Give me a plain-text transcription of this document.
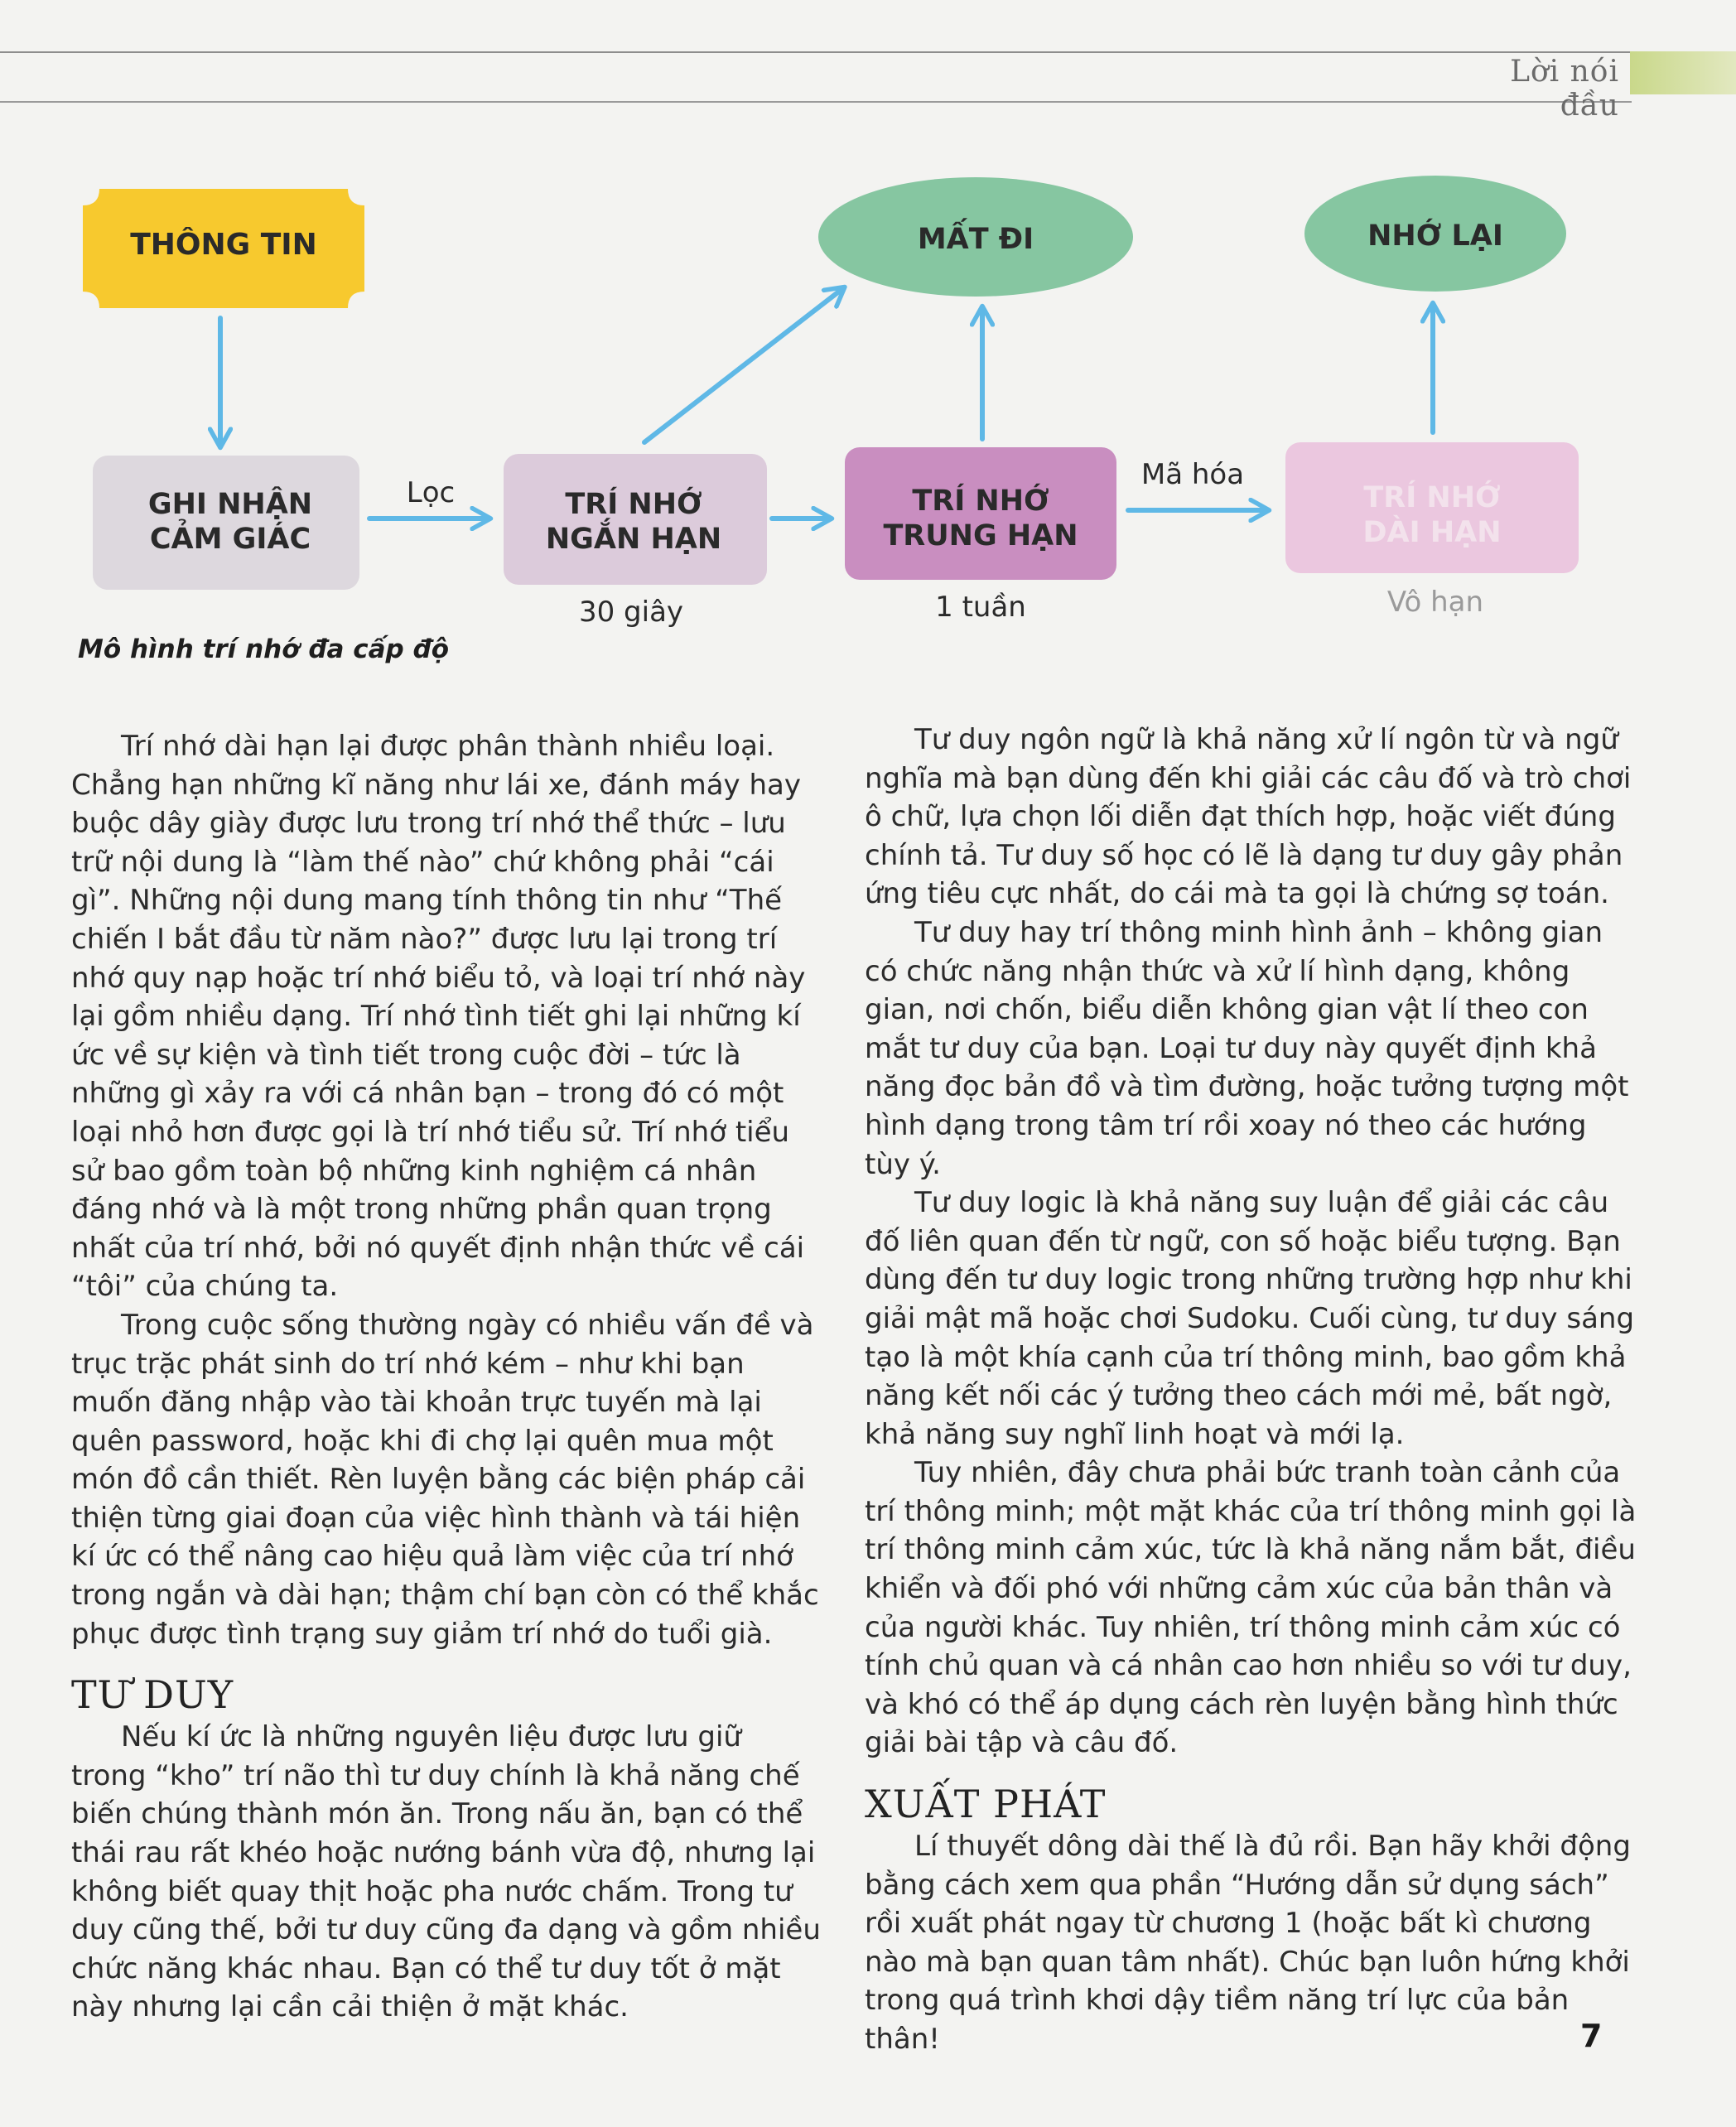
Lời nói đầu
THÔNG TIN
GHI NHẬN
CẢM GIÁC
TRÍ NHỚ
NGẮN HẠN
TRÍ NHỚ
TRUNG HẠN
TRÍ NHỚ
DÀI HẠN
MẤT ĐI	NHỚ LẠI
Lọc
Mã hóa
30 giây	1 tuần	Vô hạn
Mô hình trí nhớ đa cấp độ

Trí nhớ dài hạn lại được phân thành nhiều loại. Chẳng hạn những kĩ năng như lái xe, đánh máy hay buộc dây giày được lưu trong trí nhớ thể thức – lưu trữ nội dung là “làm thế nào” chứ không phải “cái gì”. Những nội dung mang tính thông tin như “Thế chiến I bắt đầu từ năm nào?” được lưu lại trong trí nhớ quy nạp hoặc trí nhớ biểu tỏ, và loại trí nhớ này lại gồm nhiều dạng. Trí nhớ tình tiết ghi lại những kí ức về sự kiện và tình tiết trong cuộc đời – tức là những gì xảy ra với cá nhân bạn – trong đó có một loại nhỏ hơn được gọi là trí nhớ tiểu sử. Trí nhớ tiểu sử bao gồm toàn bộ những kinh nghiệm cá nhân đáng nhớ và là một trong những phần quan trọng nhất của trí nhớ, bởi nó quyết định nhận thức về cái “tôi” của chúng ta.

Trong cuộc sống thường ngày có nhiều vấn đề và trục trặc phát sinh do trí nhớ kém – như khi bạn muốn đăng nhập vào tài khoản trực tuyến mà lại quên password, hoặc khi đi chợ lại quên mua một món đồ cần thiết. Rèn luyện bằng các biện pháp cải thiện từng giai đoạn của việc hình thành và tái hiện kí ức có thể nâng cao hiệu quả làm việc của trí nhớ trong ngắn và dài hạn; thậm chí bạn còn có thể khắc phục được tình trạng suy giảm trí nhớ do tuổi già.

TƯ DUY

Nếu kí ức là những nguyên liệu được lưu giữ trong “kho” trí não thì tư duy chính là khả năng chế biến chúng thành món ăn. Trong nấu ăn, bạn có thể thái rau rất khéo hoặc nướng bánh vừa độ, nhưng lại không biết quay thịt hoặc pha nước chấm. Trong tư duy cũng thế, bởi tư duy cũng đa dạng và gồm nhiều chức năng khác nhau. Bạn có thể tư duy tốt ở mặt này nhưng lại cần cải thiện ở mặt khác.

Tư duy ngôn ngữ là khả năng xử lí ngôn từ và ngữ nghĩa mà bạn dùng đến khi giải các câu đố và trò chơi ô chữ, lựa chọn lối diễn đạt thích hợp, hoặc viết đúng chính tả. Tư duy số học có lẽ là dạng tư duy gây phản ứng tiêu cực nhất, do cái mà ta gọi là chứng sợ toán.

Tư duy hay trí thông minh hình ảnh – không gian có chức năng nhận thức và xử lí hình dạng, không gian, nơi chốn, biểu diễn không gian vật lí theo con mắt tư duy của bạn. Loại tư duy này quyết định khả năng đọc bản đồ và tìm đường, hoặc tưởng tượng một hình dạng trong tâm trí rồi xoay nó theo các hướng tùy ý.

Tư duy logic là khả năng suy luận để giải các câu đố liên quan đến từ ngữ, con số hoặc biểu tượng. Bạn dùng đến tư duy logic trong những trường hợp như khi giải mật mã hoặc chơi Sudoku. Cuối cùng, tư duy sáng tạo là một khía cạnh của trí thông minh, bao gồm khả năng kết nối các ý tưởng theo cách mới mẻ, bất ngờ, khả năng suy nghĩ linh hoạt và mới lạ.

Tuy nhiên, đây chưa phải bức tranh toàn cảnh của trí thông minh; một mặt khác của trí thông minh gọi là trí thông minh cảm xúc, tức là khả năng nắm bắt, điều khiển và đối phó với những cảm xúc của bản thân và của người khác. Tuy nhiên, trí thông minh cảm xúc có tính chủ quan và cá nhân cao hơn nhiều so với tư duy, và khó có thể áp dụng cách rèn luyện bằng hình thức giải bài tập và câu đố.

XUẤT PHÁT

Lí thuyết dông dài thế là đủ rồi. Bạn hãy khởi động bằng cách xem qua phần “Hướng dẫn sử dụng sách” rồi xuất phát ngay từ chương 1 (hoặc bất kì chương nào mà bạn quan tâm nhất). Chúc bạn luôn hứng khởi trong quá trình khơi dậy tiềm năng trí lực của bản thân!	7
